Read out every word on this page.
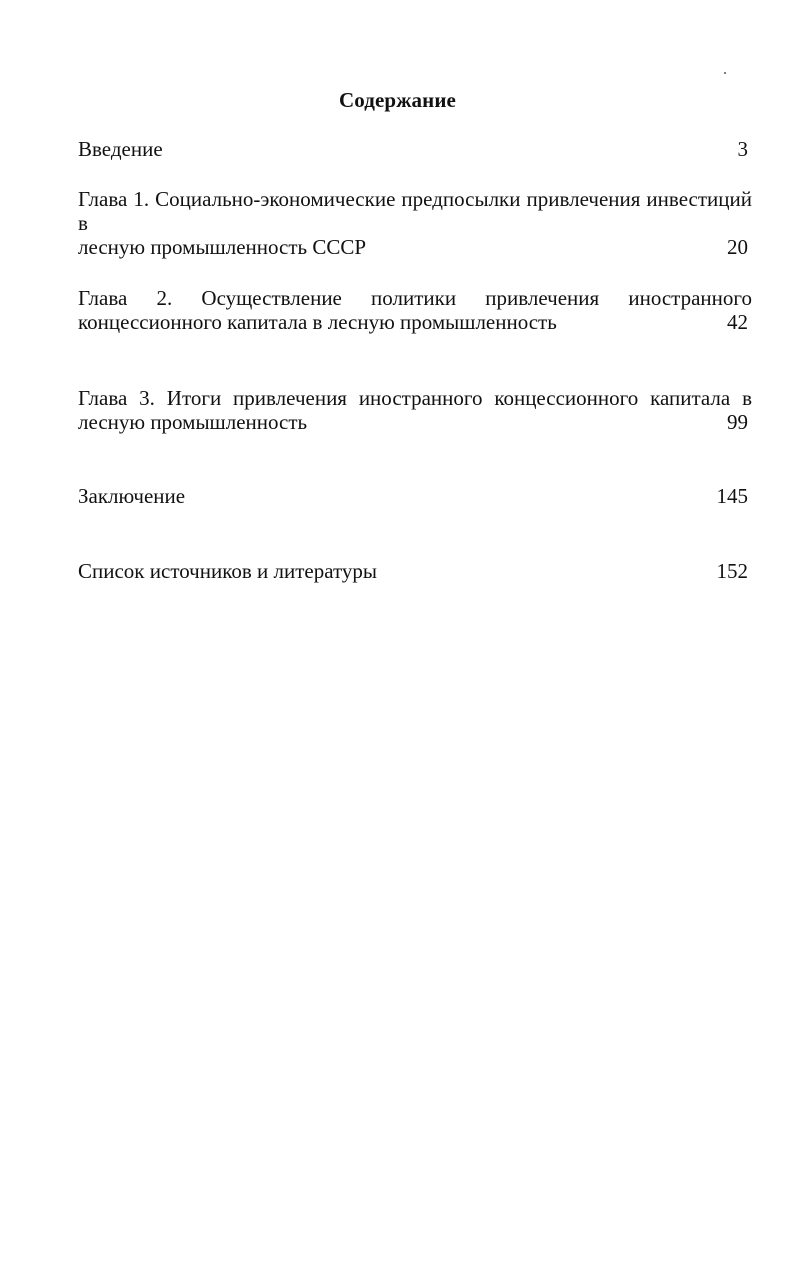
Содержание
Введение	3
Глава 1. Социально-экономические предпосылки привлечения инвестиций в
лесную промышленность СССР	20
Глава 2. Осуществление политики привлечения иностранного
концессионного капитала в лесную промышленность	42
Глава 3. Итоги привлечения иностранного концессионного капитала в
лесную промышленность	99
Заключение	145
Список источников и литературы	152
